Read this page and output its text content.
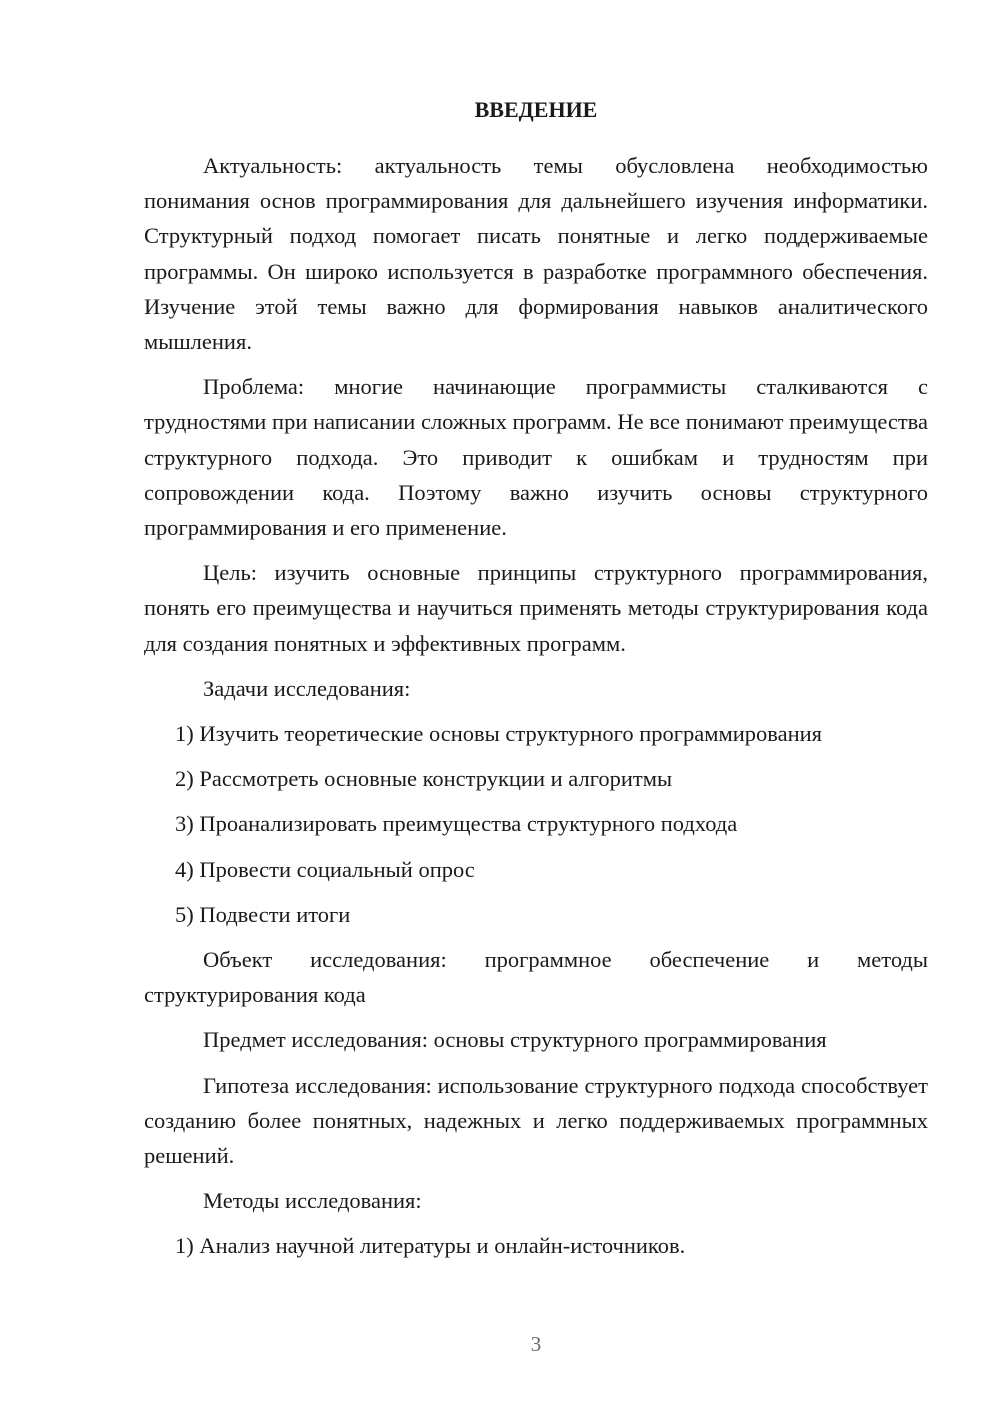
ВВЕДЕНИЕ

Актуальность: актуальность темы обусловлена необходимостью понимания основ программирования для дальнейшего изучения информатики. Структурный подход помогает писать понятные и легко поддерживаемые программы. Он широко используется в разработке программного обеспечения. Изучение этой темы важно для формирования навыков аналитического мышления.

Проблема: многие начинающие программисты сталкиваются с трудностями при написании сложных программ. Не все понимают преимущества структурного подхода. Это приводит к ошибкам и трудностям при сопровождении кода. Поэтому важно изучить основы структурного программирования и его применение.

Цель: изучить основные принципы структурного программирования, понять его преимущества и научиться применять методы структурирования кода для создания понятных и эффективных программ.

Задачи исследования:

1) Изучить теоретические основы структурного программирования

2) Рассмотреть основные конструкции и алгоритмы

3) Проанализировать преимущества структурного подхода

4) Провести социальный опрос

5) Подвести итоги

Объект исследования: программное обеспечение и методы структурирования кода

Предмет исследования: основы структурного программирования

Гипотеза исследования: использование структурного подхода способствует созданию более понятных, надежных и легко поддерживаемых программных решений.

Методы исследования:

1) Анализ научной литературы и онлайн-источников.

3
